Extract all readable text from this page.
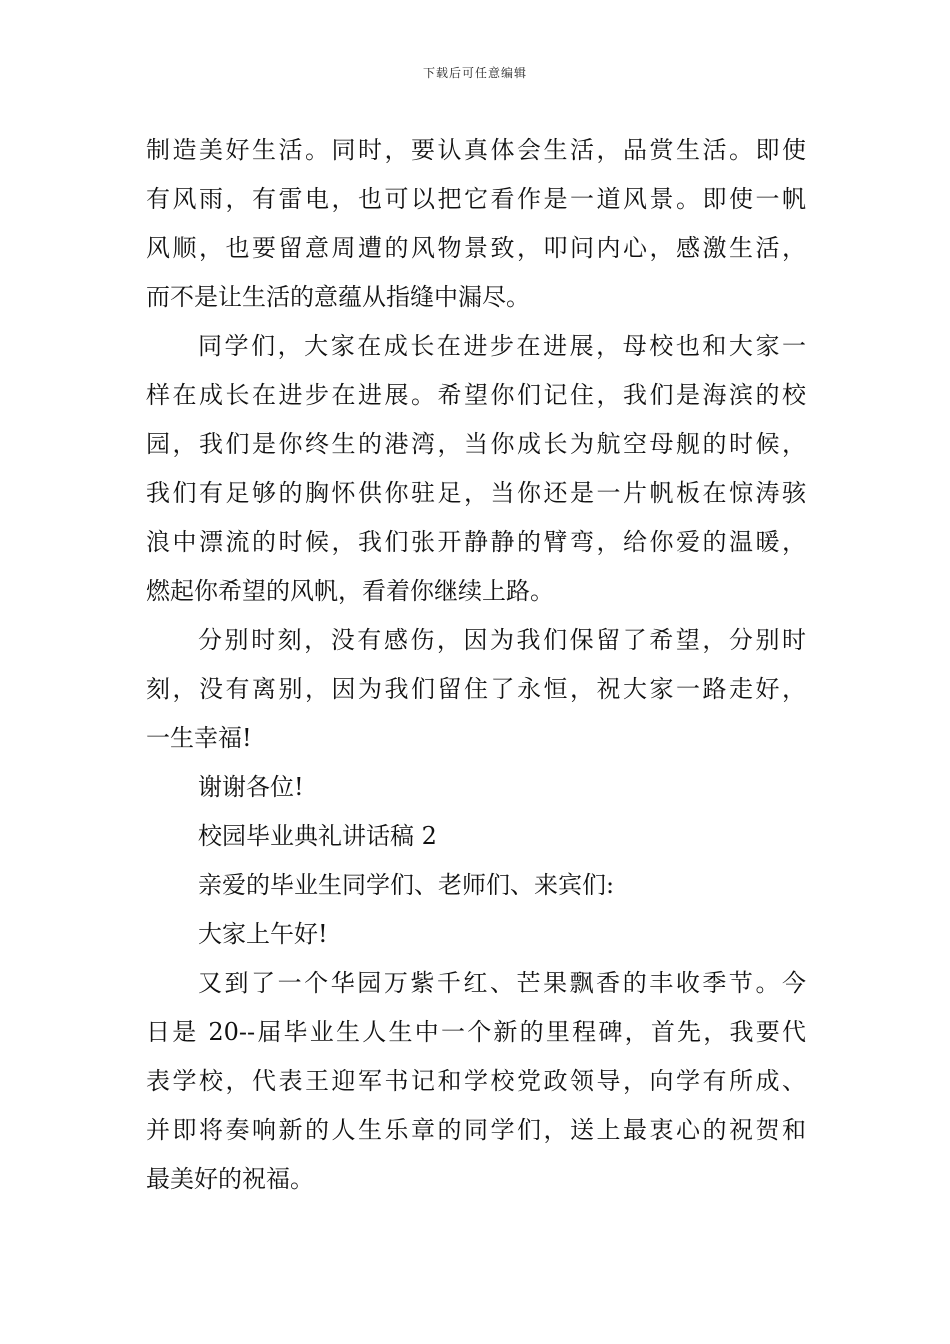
下载后可任意编辑
制造美好生活。同时，要认真体会生活，品赏生活。即使
有风雨，有雷电，也可以把它看作是一道风景。即使一帆
风顺，也要留意周遭的风物景致，叩问内心，感激生活，
而不是让生活的意蕴从指缝中漏尽。
同学们，大家在成长在进步在进展，母校也和大家一
样在成长在进步在进展。希望你们记住，我们是海滨的校
园，我们是你终生的港湾，当你成长为航空母舰的时候，
我们有足够的胸怀供你驻足，当你还是一片帆板在惊涛骇
浪中漂流的时候，我们张开静静的臂弯，给你爱的温暖，
燃起你希望的风帆，看着你继续上路。
分别时刻，没有感伤，因为我们保留了希望，分别时
刻，没有离别，因为我们留住了永恒，祝大家一路走好，
一生幸福!
谢谢各位!
校园毕业典礼讲话稿 2
亲爱的毕业生同学们、老师们、来宾们:
大家上午好!
又到了一个华园万紫千红、芒果飘香的丰收季节。今
日是 20--届毕业生人生中一个新的里程碑，首先，我要代
表学校，代表王迎军书记和学校党政领导，向学有所成、
并即将奏响新的人生乐章的同学们，送上最衷心的祝贺和
最美好的祝福。
